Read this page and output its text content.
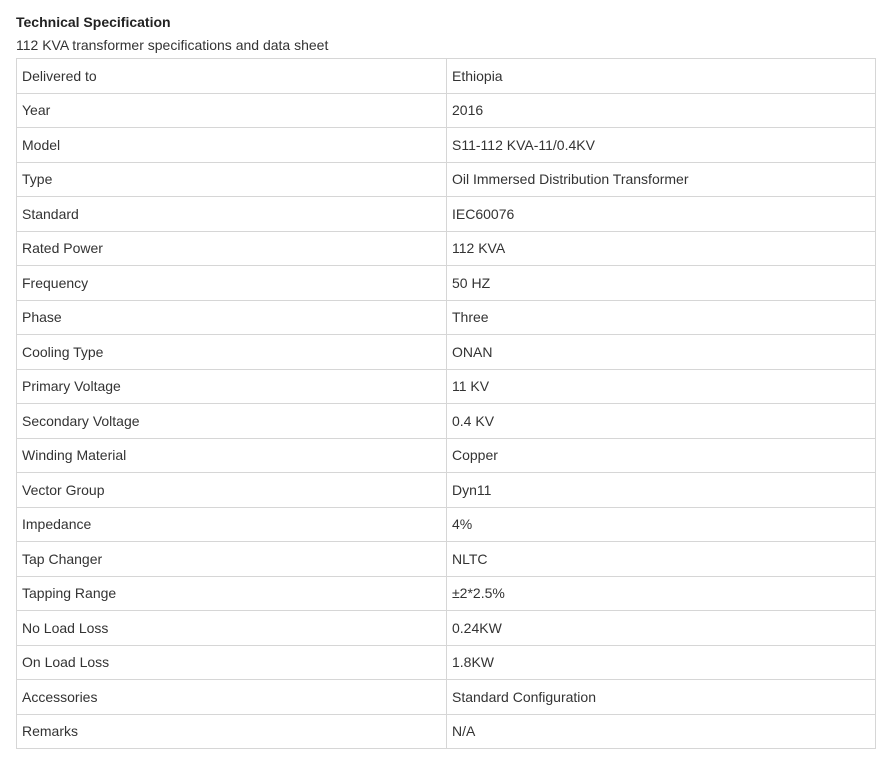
Technical Specification
112 KVA transformer specifications and data sheet
Delivered to	Ethiopia
Year	2016
Model	S11-112 KVA-11/0.4KV
Type	Oil Immersed Distribution Transformer
Standard	IEC60076
Rated Power	112 KVA
Frequency	50 HZ
Phase	Three
Cooling Type	ONAN
Primary Voltage	11 KV
Secondary Voltage	0.4 KV
Winding Material	Copper
Vector Group	Dyn11
Impedance	4%
Tap Changer	NLTC
Tapping Range	±2*2.5%
No Load Loss	0.24KW
On Load Loss	1.8KW
Accessories	Standard Configuration
Remarks	N/A
